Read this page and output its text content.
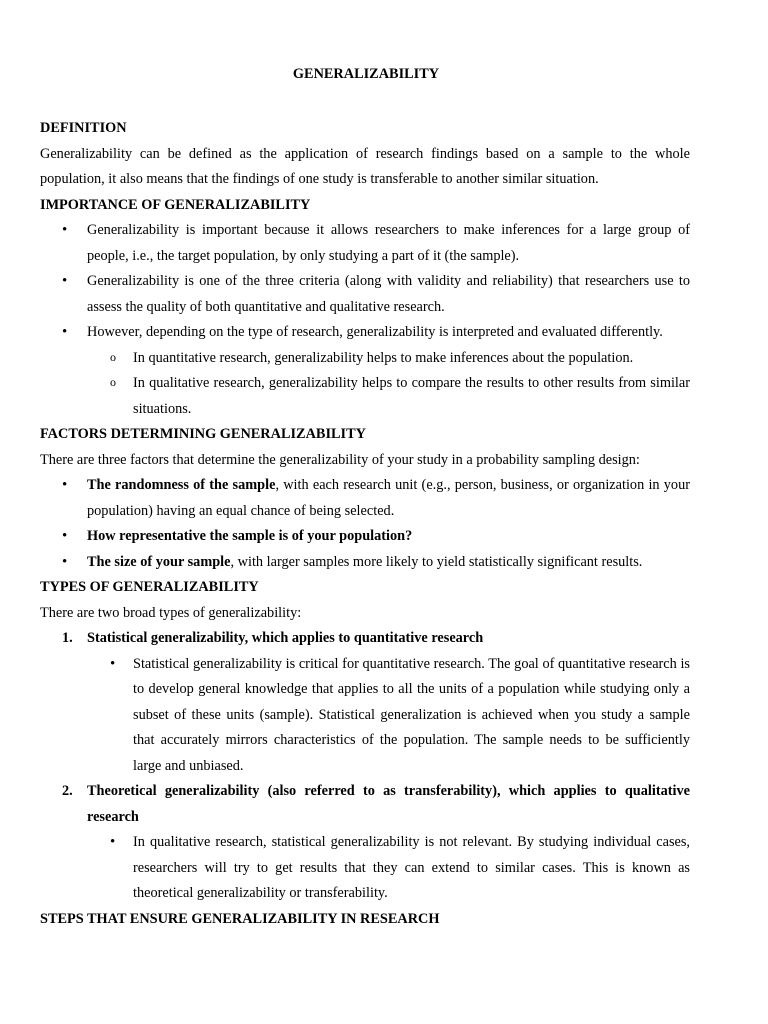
GENERALIZABILITY
DEFINITION

Generalizability can be defined as the application of research findings based on a sample to the whole population, it also means that the findings of one study is transferable to another similar situation.

IMPORTANCE OF GENERALIZABILITY
• Generalizability is important because it allows researchers to make inferences for a large group of people, i.e., the target population, by only studying a part of it (the sample).
• Generalizability is one of the three criteria (along with validity and reliability) that researchers use to assess the quality of both quantitative and qualitative research.
• However, depending on the type of research, generalizability is interpreted and evaluated differently.
o In quantitative research, generalizability helps to make inferences about the population.
o In qualitative research, generalizability helps to compare the results to other results from similar situations.
FACTORS DETERMINING GENERALIZABILITY

There are three factors that determine the generalizability of your study in a probability sampling design:

• The randomness of the sample, with each research unit (e.g., person, business, or organization in your population) having an equal chance of being selected.
• How representative the sample is of your population?
• The size of your sample, with larger samples more likely to yield statistically significant results.
TYPES OF GENERALIZABILITY

There are two broad types of generalizability:

1. Statistical generalizability, which applies to quantitative research
• Statistical generalizability is critical for quantitative research. The goal of quantitative research is to develop general knowledge that applies to all the units of a population while studying only a subset of these units (sample). Statistical generalization is achieved when you study a sample that accurately mirrors characteristics of the population. The sample needs to be sufficiently large and unbiased.
2. Theoretical generalizability (also referred to as transferability), which applies to qualitative research
• In qualitative research, statistical generalizability is not relevant. By studying individual cases, researchers will try to get results that they can extend to similar cases. This is known as theoretical generalizability or transferability.
STEPS THAT ENSURE GENERALIZABILITY IN RESEARCH
